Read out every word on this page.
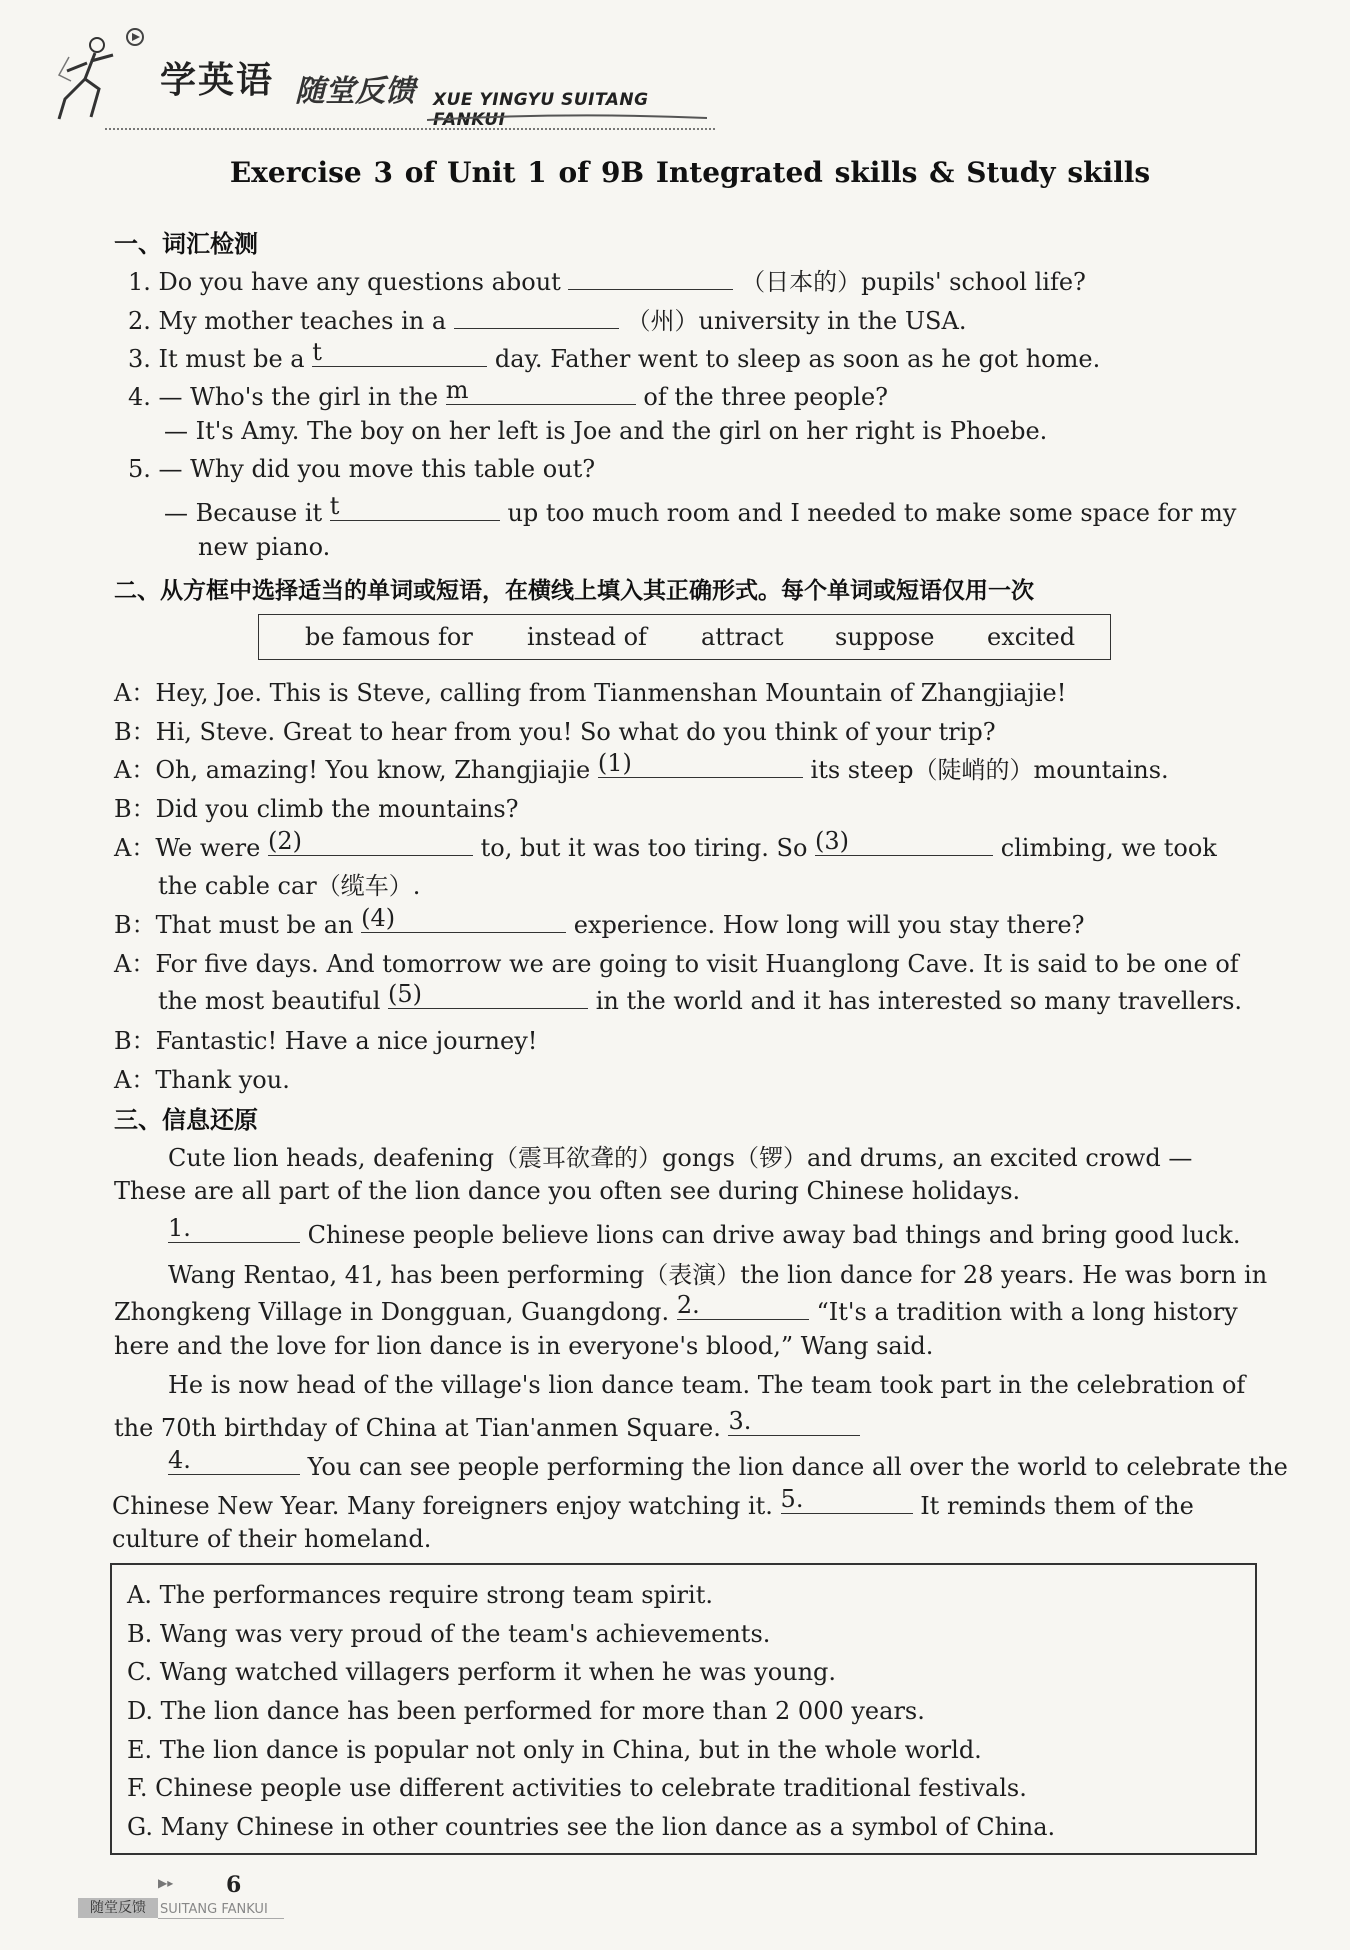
学英语 随堂反馈 XUE YINGYU SUITANG FANKUI
Exercise 3 of Unit 1 of 9B Integrated skills & Study skills
一、词汇检测
1. Do you have any questions about	（日本的）pupils' school life?
2. My mother teaches in a	（州）university in the USA.
3. It must be a t	day. Father went to sleep as soon as he got home.
4. — Who's the girl in the m	of the three people?
— It's Amy. The boy on her left is Joe and the girl on her right is Phoebe.
5. — Why did you move this table out?
— Because it t	up too much room and I needed to make some space for my
new piano.
二、从方框中选择适当的单词或短语，在横线上填入其正确形式。每个单词或短语仅用一次
be famous for instead of attract suppose excited
A：Hey, Joe. This is Steve, calling from Tianmenshan Mountain of Zhangjiajie!
B：Hi, Steve. Great to hear from you! So what do you think of your trip?
A：Oh, amazing! You know, Zhangjiajie (1)	its steep（陡峭的）mountains.
B：Did you climb the mountains?
A：We were (2)	to, but it was too tiring. So (3)	climbing, we took
the cable car（缆车）.
B：That must be an (4)	experience. How long will you stay there?
A：For five days. And tomorrow we are going to visit Huanglong Cave. It is said to be one of
the most beautiful (5)	in the world and it has interested so many travellers.
B：Fantastic! Have a nice journey!
A：Thank you.
三、信息还原
Cute lion heads, deafening（震耳欲聋的）gongs（锣）and drums, an excited crowd —
These are all part of the lion dance you often see during Chinese holidays.
1.	Chinese people believe lions can drive away bad things and bring good luck.
Wang Rentao, 41, has been performing（表演）the lion dance for 28 years. He was born in
Zhongkeng Village in Dongguan, Guangdong. 2.	“It's a tradition with a long history
here and the love for lion dance is in everyone's blood,” Wang said.
He is now head of the village's lion dance team. The team took part in the celebration of
the 70th birthday of China at Tian'anmen Square. 3.
4.	You can see people performing the lion dance all over the world to celebrate the
Chinese New Year. Many foreigners enjoy watching it. 5.	It reminds them of the
culture of their homeland.
A. The performances require strong team spirit.
B. Wang was very proud of the team's achievements.
C. Wang watched villagers perform it when he was young.
D. The lion dance has been performed for more than 2 000 years.
E. The lion dance is popular not only in China, but in the whole world.
F. Chinese people use different activities to celebrate traditional festivals.
G. Many Chinese in other countries see the lion dance as a symbol of China.
▶▸ 6
随堂反馈	SUITANG FANKUI
